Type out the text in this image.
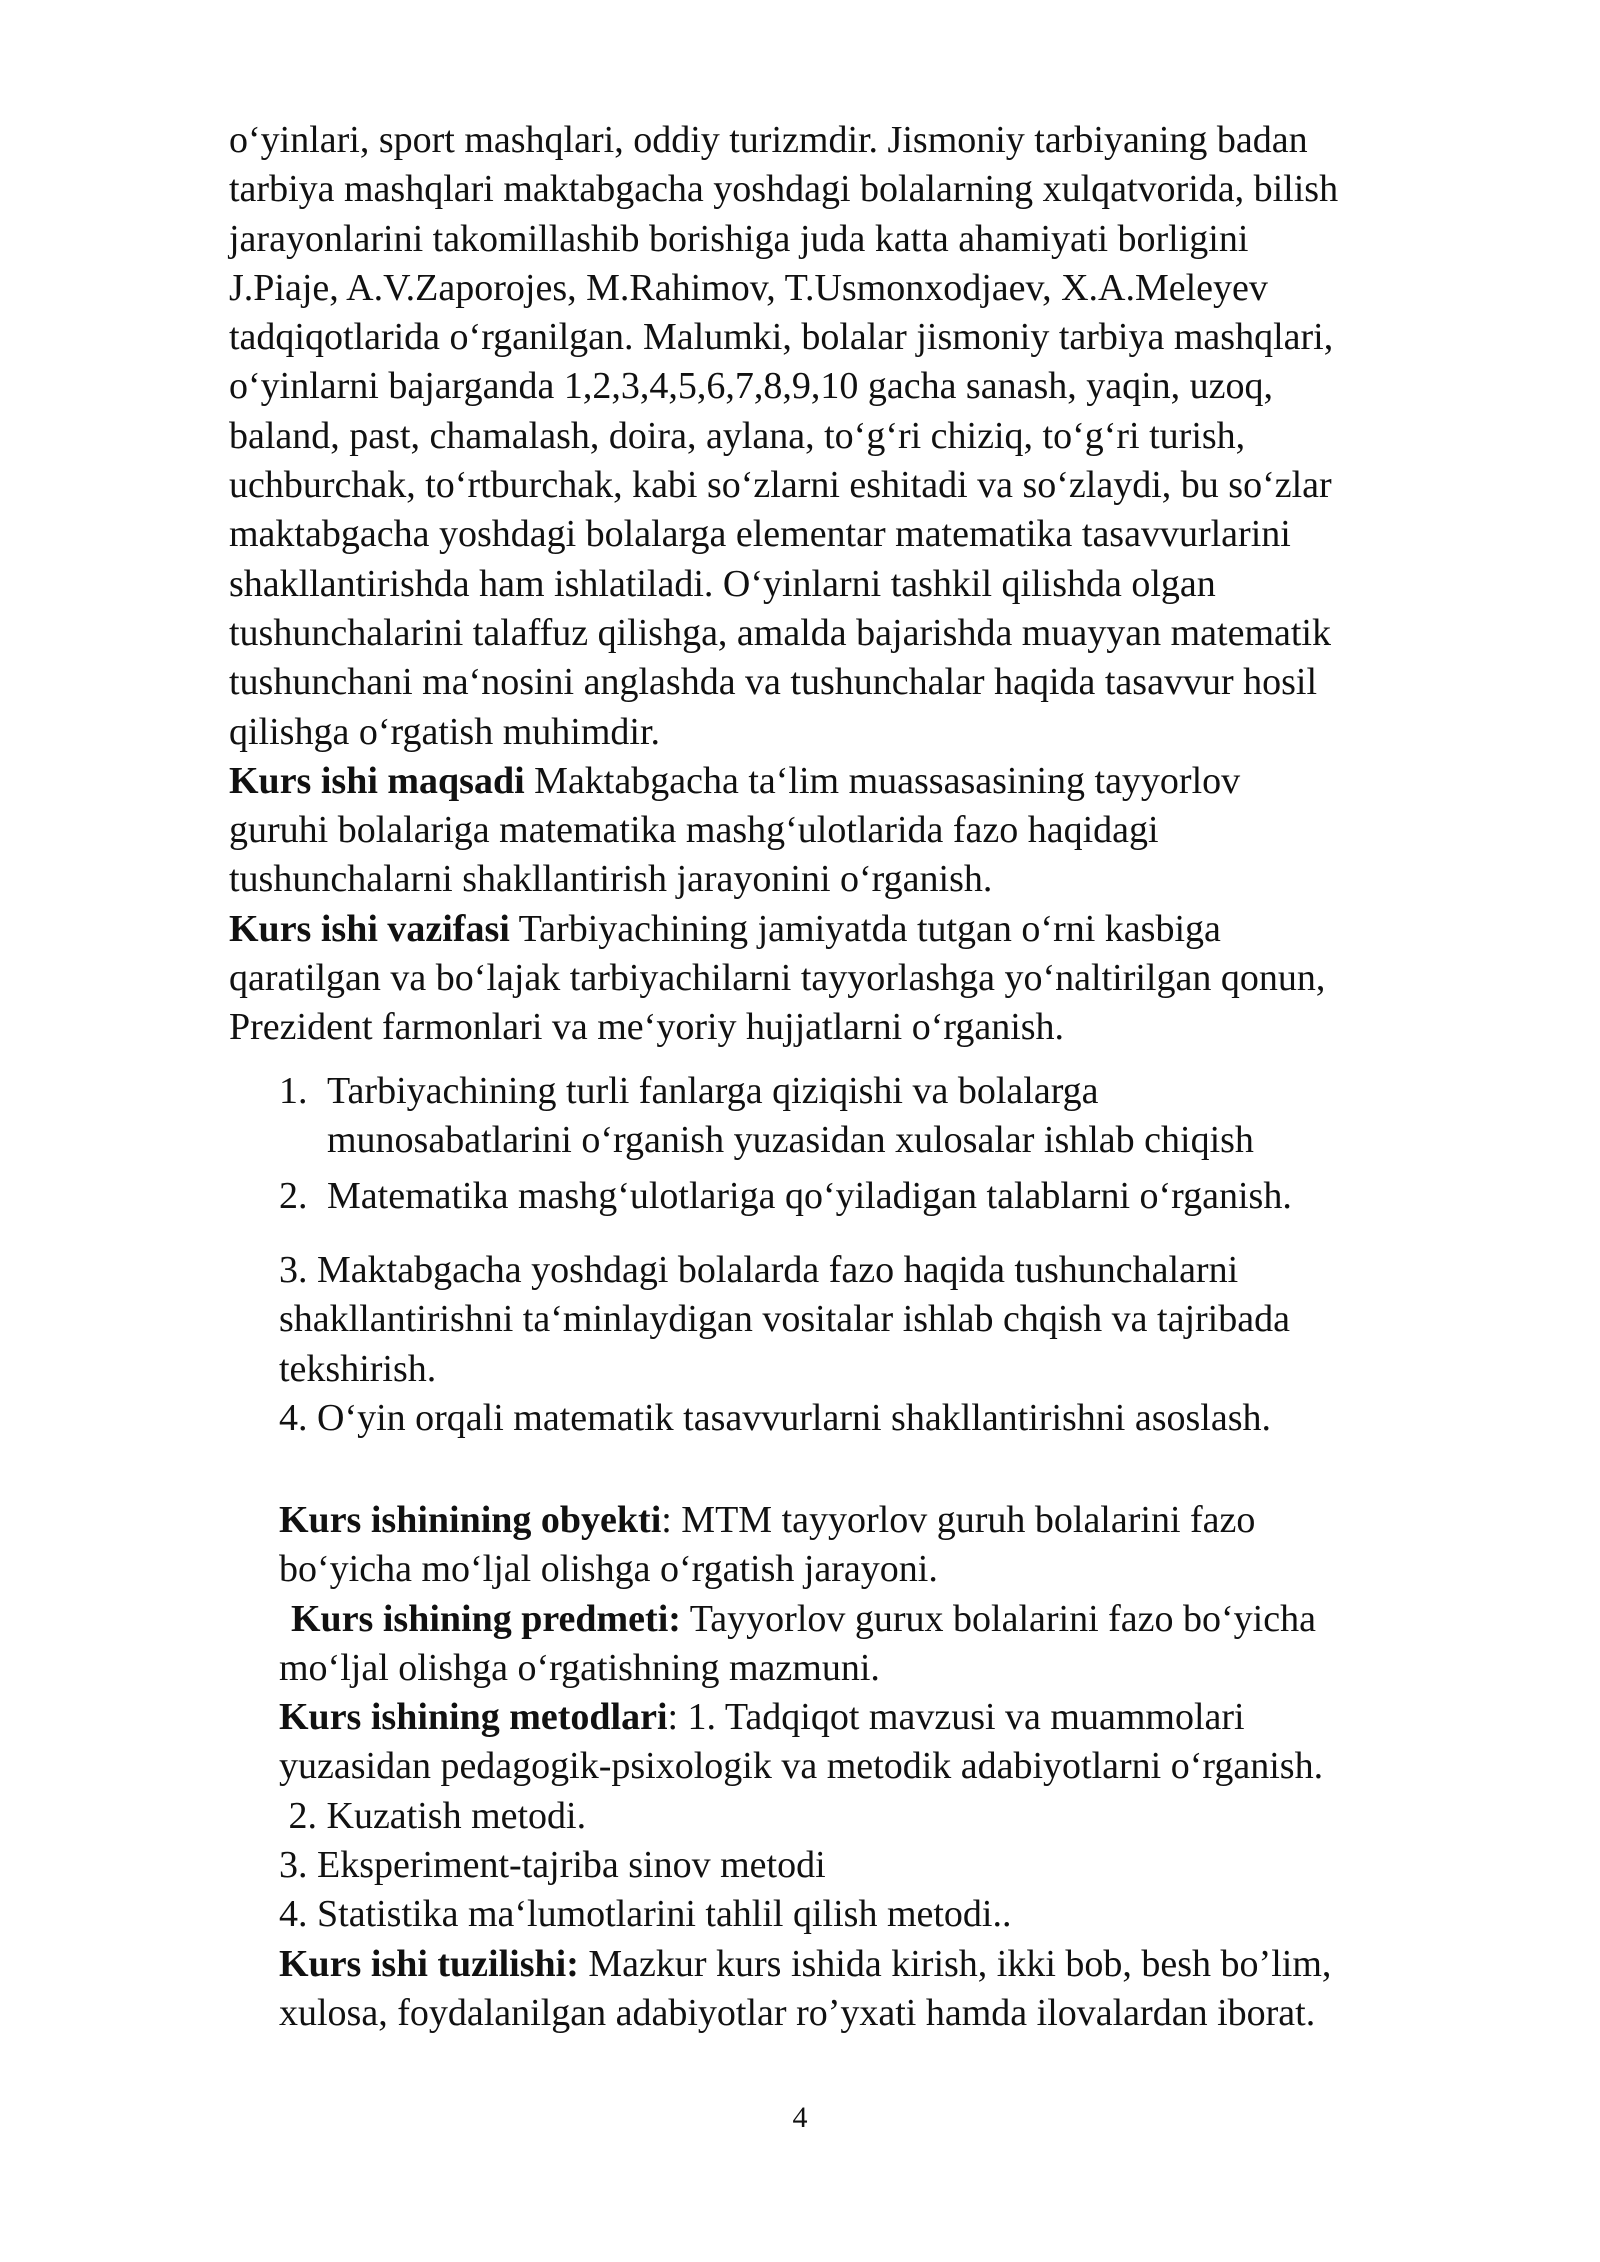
o‘yinlari, sport mashqlari, oddiy turizmdir. Jismoniy tarbiyaning badan
tarbiya mashqlari maktabgacha yoshdagi bolalarning xulqatvorida, bilish
jarayonlarini takomillashib borishiga juda katta ahamiyati borligini
J.Piaje, A.V.Zaporojes, M.Rahimov, T.Usmonxodjaev, X.A.Meleyev
tadqiqotlarida o‘rganilgan. Malumki, bolalar jismoniy tarbiya mashqlari,
o‘yinlarni bajarganda 1,2,3,4,5,6,7,8,9,10 gacha sanash, yaqin, uzoq,
baland, past, chamalash, doira, aylana, to‘g‘ri chiziq, to‘g‘ri turish,
uchburchak, to‘rtburchak, kabi so‘zlarni eshitadi va so‘zlaydi, bu so‘zlar
maktabgacha yoshdagi bolalarga elementar matematika tasavvurlarini
shakllantirishda ham ishlatiladi. O‘yinlarni tashkil qilishda olgan
tushunchalarini talaffuz qilishga, amalda bajarishda muayyan matematik
tushunchani ma‘nosini anglashda va tushunchalar haqida tasavvur hosil
qilishga o‘rgatish muhimdir.
Kurs ishi maqsadi Maktabgacha ta‘lim muassasasining tayyorlov
guruhi bolalariga matematika mashg‘ulotlarida fazo haqidagi
tushunchalarni shakllantirish jarayonini o‘rganish.
Kurs ishi vazifasi Tarbiyachining jamiyatda tutgan o‘rni kasbiga
qaratilgan va bo‘lajak tarbiyachilarni tayyorlashga yo‘naltirilgan qonun,
Prezident farmonlari va me‘yoriy hujjatlarni o‘rganish.
1. Tarbiyachining turli fanlarga qiziqishi va bolalarga
munosabatlarini o‘rganish yuzasidan xulosalar ishlab chiqish
2. Matematika mashg‘ulotlariga qo‘yiladigan talablarni o‘rganish.
3. Maktabgacha yoshdagi bolalarda fazo haqida tushunchalarni
shakllantirishni ta‘minlaydigan vositalar ishlab chqish va tajribada
tekshirish.
4. O‘yin orqali matematik tasavvurlarni shakllantirishni asoslash.
Kurs ishinining obyekti: MTM tayyorlov guruh bolalarini fazo
bo‘yicha mo‘ljal olishga o‘rgatish jarayoni.
Kurs ishining predmeti: Tayyorlov gurux bolalarini fazo bo‘yicha
mo‘ljal olishga o‘rgatishning mazmuni.
Kurs ishining metodlari: 1. Tadqiqot mavzusi va muammolari
yuzasidan pedagogik-psixologik va metodik adabiyotlarni o‘rganish.
2. Kuzatish metodi.
3. Eksperiment-tajriba sinov metodi
4. Statistika ma‘lumotlarini tahlil qilish metodi..
Kurs ishi tuzilishi: Mazkur kurs ishida kirish, ikki bob, besh bo’lim,
xulosa, foydalanilgan adabiyotlar ro’yxati hamda ilovalardan iborat.
4
